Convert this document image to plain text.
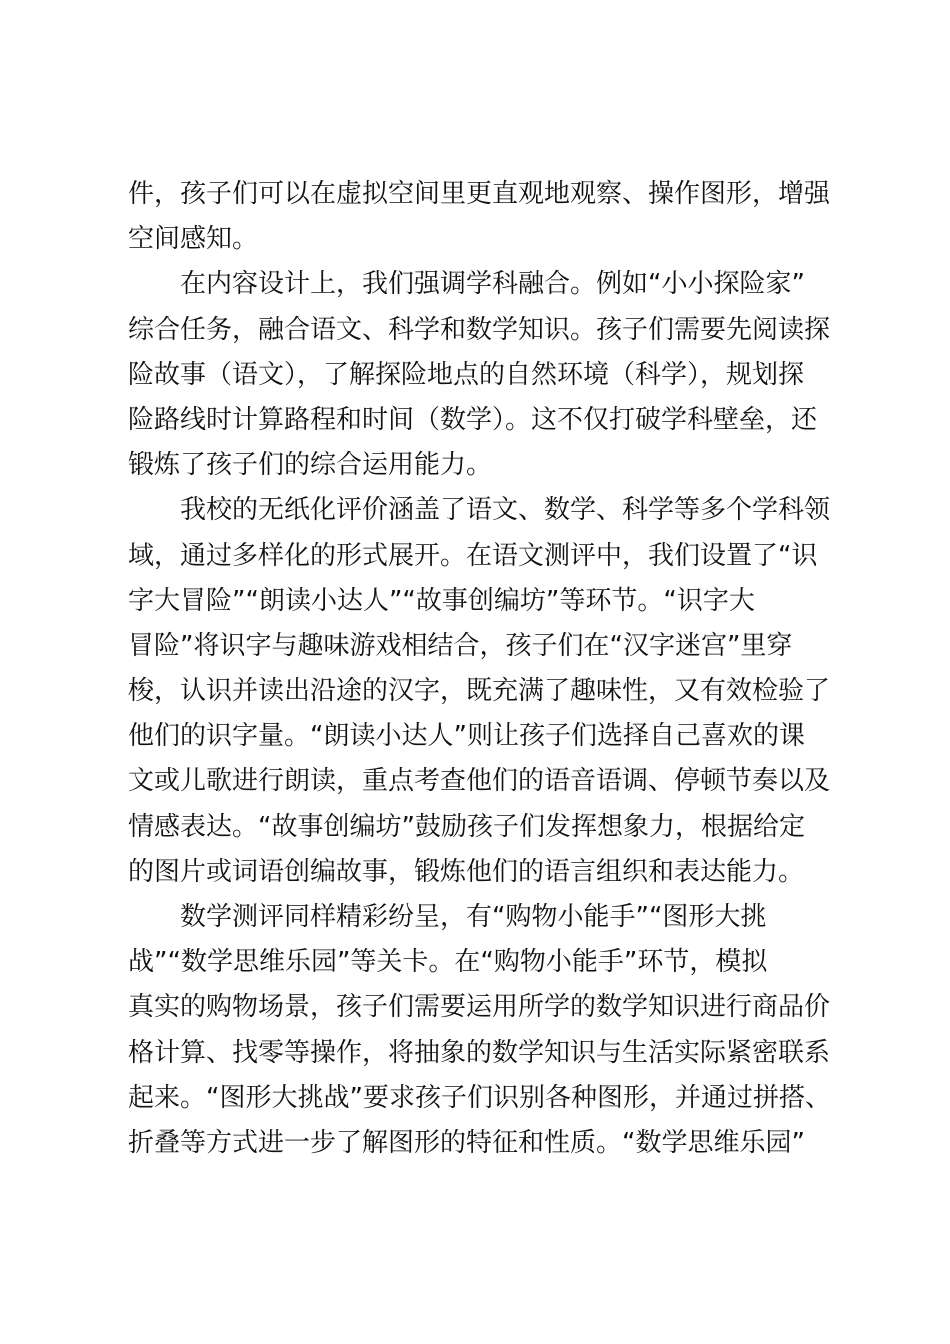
件，孩子们可以在虚拟空间里更直观地观察、操作图形，增强
空间感知。
在内容设计上，我们强调学科融合。例如“小小探险家”
综合任务，融合语文、科学和数学知识。孩子们需要先阅读探
险故事（语文），了解探险地点的自然环境（科学），规划探
险路线时计算路程和时间（数学）。这不仅打破学科壁垒，还
锻炼了孩子们的综合运用能力。
我校的无纸化评价涵盖了语文、数学、科学等多个学科领
域，通过多样化的形式展开。在语文测评中，我们设置了“识
字大冒险”“朗读小达人”“故事创编坊”等环节。“识字大
冒险”将识字与趣味游戏相结合，孩子们在“汉字迷宫”里穿
梭，认识并读出沿途的汉字，既充满了趣味性，又有效检验了
他们的识字量。“朗读小达人”则让孩子们选择自己喜欢的课
文或儿歌进行朗读，重点考查他们的语音语调、停顿节奏以及
情感表达。“故事创编坊”鼓励孩子们发挥想象力，根据给定
的图片或词语创编故事，锻炼他们的语言组织和表达能力。
数学测评同样精彩纷呈，有“购物小能手”“图形大挑
战”“数学思维乐园”等关卡。在“购物小能手”环节，模拟
真实的购物场景，孩子们需要运用所学的数学知识进行商品价
格计算、找零等操作，将抽象的数学知识与生活实际紧密联系
起来。“图形大挑战”要求孩子们识别各种图形，并通过拼搭、
折叠等方式进一步了解图形的特征和性质。“数学思维乐园”
